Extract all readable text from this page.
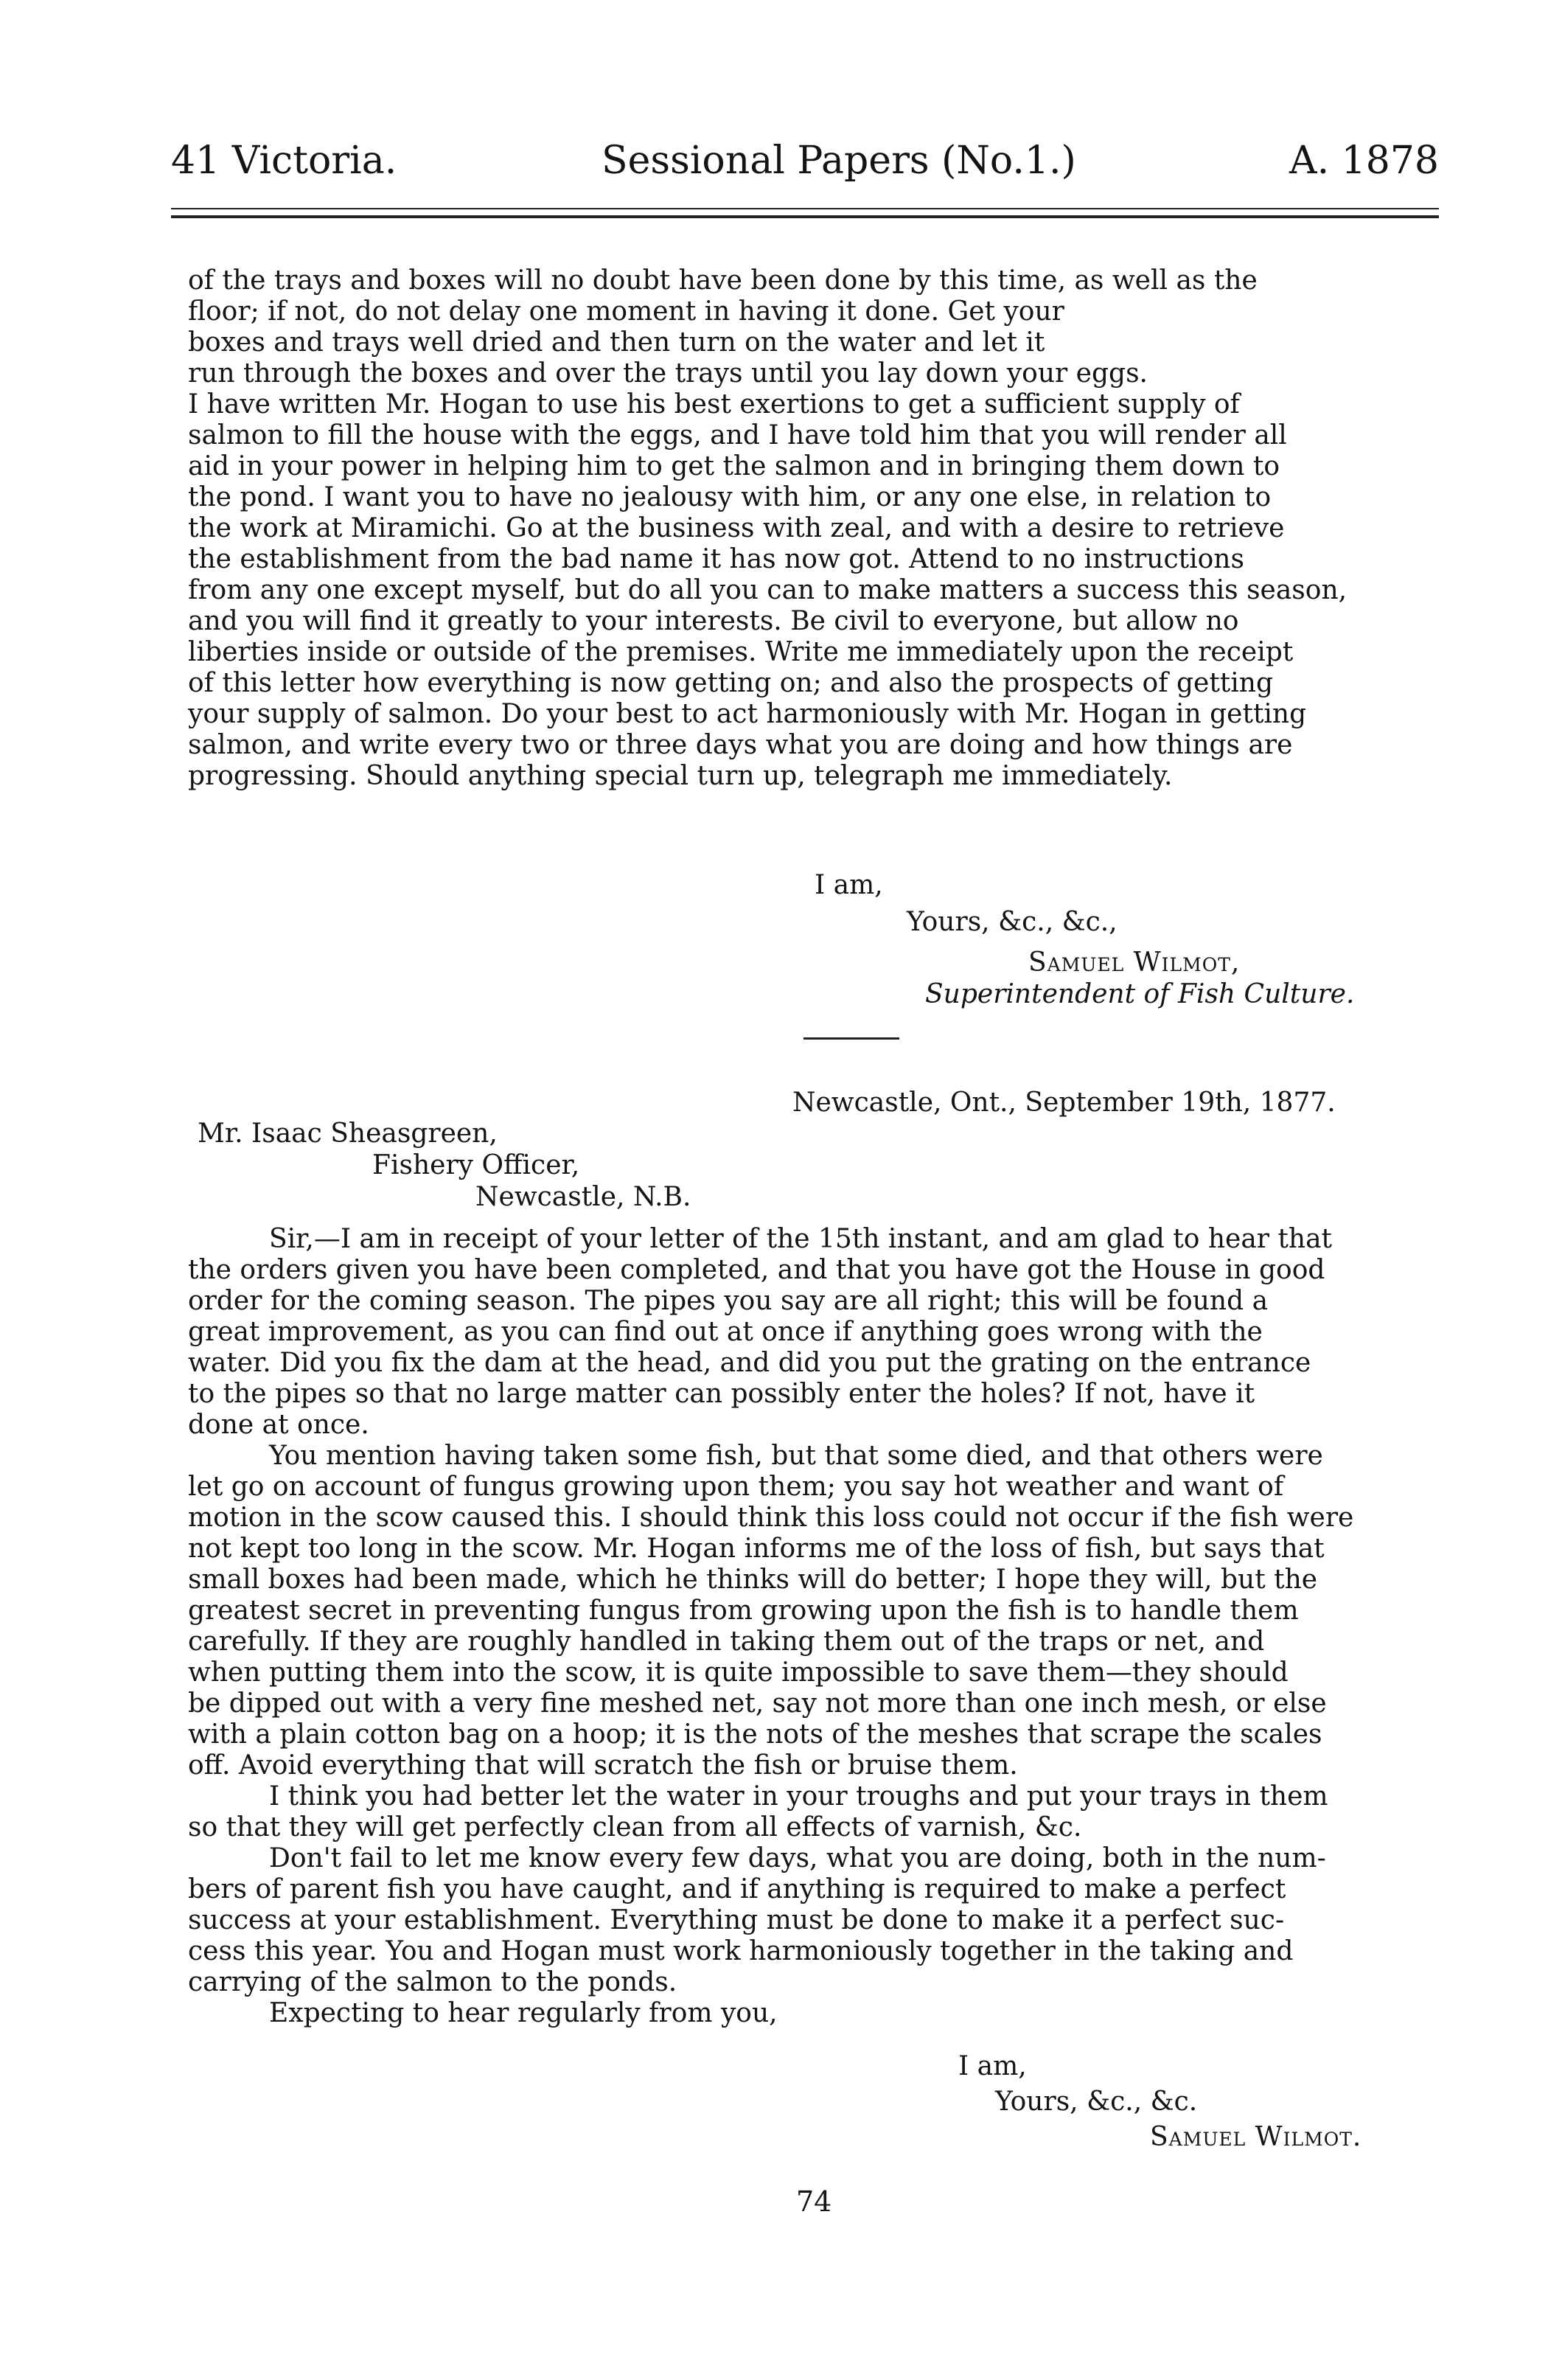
41 Victoria.	Sessional Papers (No.1.)	A. 1878
of the trays and boxes will no doubt have been done by this time, as well as the
floor; if not, do not delay one moment in having it done. Get your
boxes and trays well dried and then turn on the water and let it
run through the boxes and over the trays until you lay down your eggs.
I have written Mr. Hogan to use his best exertions to get a sufficient supply of
salmon to fill the house with the eggs, and I have told him that you will render all
aid in your power in helping him to get the salmon and in bringing them down to
the pond. I want you to have no jealousy with him, or any one else, in relation to
the work at Miramichi. Go at the business with zeal, and with a desire to retrieve
the establishment from the bad name it has now got. Attend to no instructions
from any one except myself, but do all you can to make matters a success this season,
and you will find it greatly to your interests. Be civil to everyone, but allow no
liberties inside or outside of the premises. Write me immediately upon the receipt
of this letter how everything is now getting on; and also the prospects of getting
your supply of salmon. Do your best to act harmoniously with Mr. Hogan in getting
salmon, and write every two or three days what you are doing and how things are
progressing. Should anything special turn up, telegraph me immediately.
I am,
Yours, &c., &c.,
Samuel Wilmot,
Superintendent of Fish Culture.
Newcastle, Ont., September 19th, 1877.
Mr. Isaac Sheasgreen,
Fishery Officer,
Newcastle, N.B.
Sir,—I am in receipt of your letter of the 15th instant, and am glad to hear that
the orders given you have been completed, and that you have got the House in good
order for the coming season. The pipes you say are all right; this will be found a
great improvement, as you can find out at once if anything goes wrong with the
water. Did you fix the dam at the head, and did you put the grating on the entrance
to the pipes so that no large matter can possibly enter the holes? If not, have it
done at once.
You mention having taken some fish, but that some died, and that others were
let go on account of fungus growing upon them; you say hot weather and want of
motion in the scow caused this. I should think this loss could not occur if the fish were
not kept too long in the scow. Mr. Hogan informs me of the loss of fish, but says that
small boxes had been made, which he thinks will do better; I hope they will, but the
greatest secret in preventing fungus from growing upon the fish is to handle them
carefully. If they are roughly handled in taking them out of the traps or net, and
when putting them into the scow, it is quite impossible to save them—they should
be dipped out with a very fine meshed net, say not more than one inch mesh, or else
with a plain cotton bag on a hoop; it is the nots of the meshes that scrape the scales
off. Avoid everything that will scratch the fish or bruise them.
I think you had better let the water in your troughs and put your trays in them
so that they will get perfectly clean from all effects of varnish, &c.
Don't fail to let me know every few days, what you are doing, both in the num-
bers of parent fish you have caught, and if anything is required to make a perfect
success at your establishment. Everything must be done to make it a perfect suc-
cess this year. You and Hogan must work harmoniously together in the taking and
carrying of the salmon to the ponds.
Expecting to hear regularly from you,
I am,
Yours, &c., &c.
Samuel Wilmot.
74
